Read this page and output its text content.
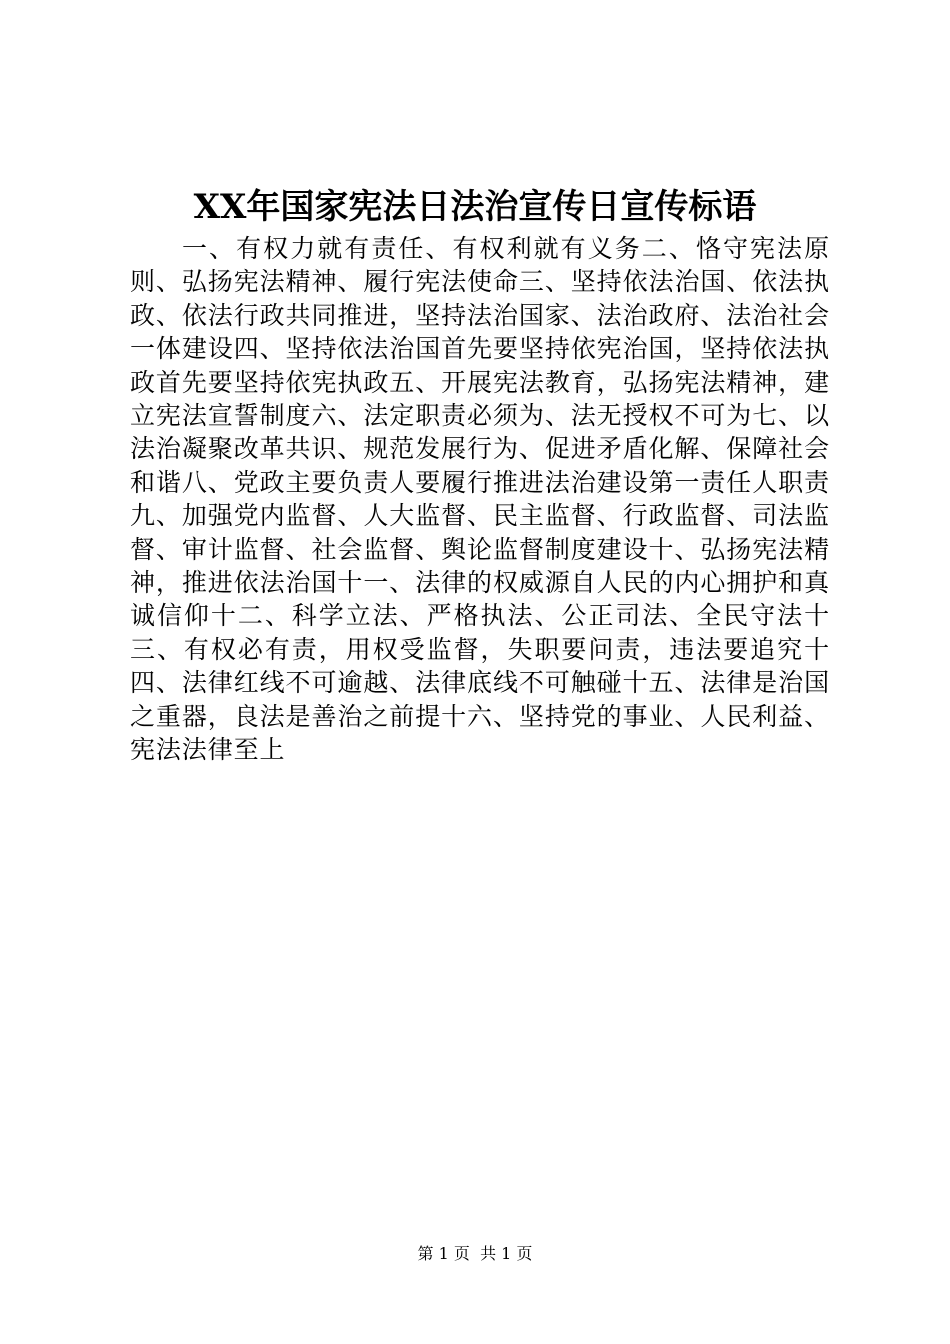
XX年国家宪法日法治宣传日宣传标语

一、有权力就有责任、有权利就有义务二、恪守宪法原则、弘扬宪法精神、履行宪法使命三、坚持依法治国、依法执政、依法行政共同推进，坚持法治国家、法治政府、法治社会一体建设四、坚持依法治国首先要坚持依宪治国，坚持依法执政首先要坚持依宪执政五、开展宪法教育，弘扬宪法精神，建立宪法宣誓制度六、法定职责必须为、法无授权不可为七、以法治凝聚改革共识、规范发展行为、促进矛盾化解、保障社会和谐八、党政主要负责人要履行推进法治建设第一责任人职责九、加强党内监督、人大监督、民主监督、行政监督、司法监督、审计监督、社会监督、舆论监督制度建设十、弘扬宪法精神，推进依法治国十一、法律的权威源自人民的内心拥护和真诚信仰十二、科学立法、严格执法、公正司法、全民守法十三、有权必有责，用权受监督，失职要问责，违法要追究十四、法律红线不可逾越、法律底线不可触碰十五、法律是治国之重器，良法是善治之前提十六、坚持党的事业、人民利益、宪法法律至上

第 1 页 共 1 页
